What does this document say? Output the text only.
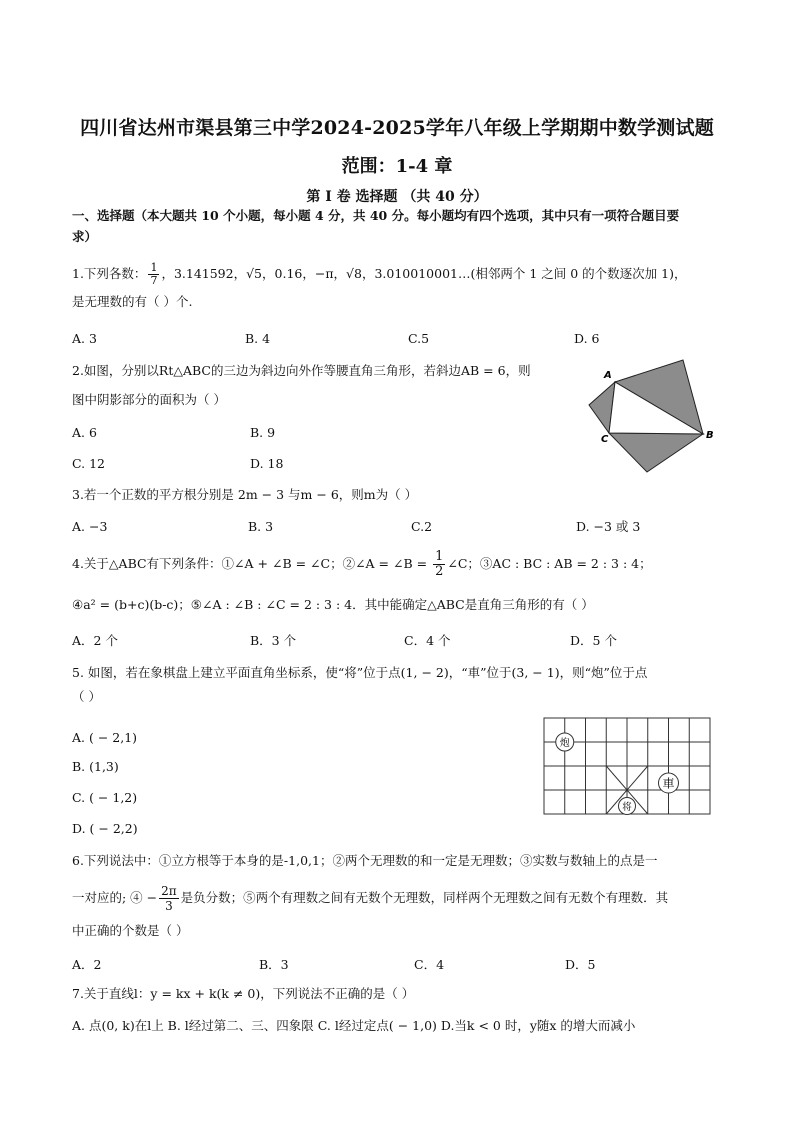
四川省达州市渠县第三中学2024-2025学年八年级上学期期中数学测试题
范围：1-4 章
第 I 卷 选择题 （共 40 分）
一、选择题（本大题共 10 个小题，每小题 4 分，共 40 分。每小题均有四个选项，其中只有一项符合题目要
求）
1.下列各数： $\frac{1}{7}$ ，3.141592，√5，0.16，−π，√8，3.010010001…(相邻两个 1 之间 0 的个数逐次加 1)，
是无理数的有（ ）个.
A. 3	B. 4	C.5	D. 6
2.如图，分别以Rt△ABC的三边为斜边向外作等腰直角三角形，若斜边AB = 6，则
图中阴影部分的面积为（ ）
A. 6	B. 9
C. 12	D. 18
A
B
C
3.若一个正数的平方根分别是 2m − 3 与m − 6，则m为（ ）
A. −3	B. 3	C.2	D. −3 或 3
4.关于△ABC有下列条件：①∠A + ∠B = ∠C；②∠A = ∠B = $\frac{1}{2}$ ∠C；③AC : BC : AB = 2 : 3 : 4；
④a² = (b+c)(b-c)；⑤∠A : ∠B : ∠C = 2 : 3 : 4．其中能确定△ABC是直角三角形的有（ ）
A．2 个	B．3 个	C．4 个	D．5 个
5. 如图，若在象棋盘上建立平面直角坐标系，使“将”位于点(1, − 2)，“車”位于(3, − 1)，则“炮”位于点
（ ）
A. ( − 2,1)
B. (1,3)
C. ( − 1,2)
D. ( − 2,2)
炮
車
将
6.下列说法中：①立方根等于本身的是-1,0,1；②两个无理数的和一定是无理数；③实数与数轴上的点是一
一对应的; ④ − $\frac{2\pi}{3}$ 是负分数；⑤两个有理数之间有无数个无理数，同样两个无理数之间有无数个有理数．其
中正确的个数是（ ）
A．2	B．3	C．4	D．5
7.关于直线l：y = kx + k(k ≠ 0)，下列说法不正确的是（ ）
A. 点(0, k)在l上 B. l经过第二、三、四象限 C. l经过定点( − 1,0) D.当k < 0 时，y随x 的增大而减小
